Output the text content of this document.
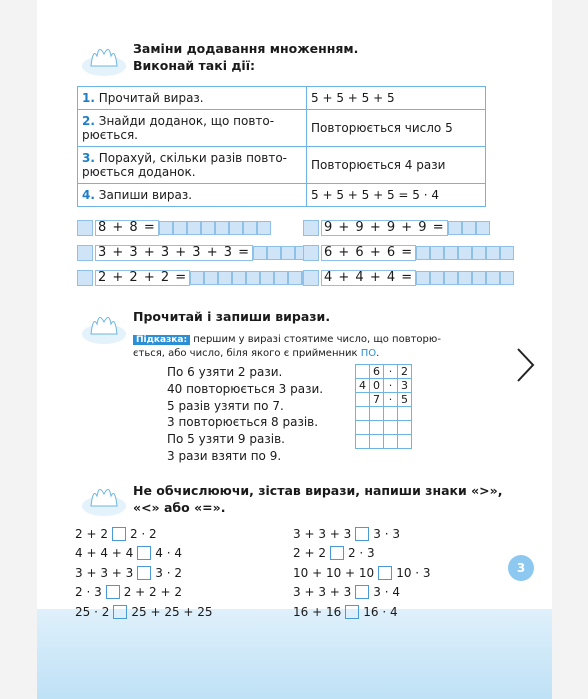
Заміни додавання множенням.
Виконай такі дії:
1. Прочитай вираз.	5 + 5 + 5 + 5
2. Знайди доданок, що повто-
рюється.	Повторюється число 5
3. Порахуй, скільки разів повто-
рюється доданок.	Повторюється 4 рази
4. Запиши вираз.	5 + 5 + 5 + 5 = 5 · 4
8 + 8 =	9 + 9 + 9 + 9 =
3 + 3 + 3 + 3 + 3 =	6 + 6 + 6 =
2 + 2 + 2 =	4 + 4 + 4 =
Прочитай і запиши вирази.
Підказка: першим у виразі стоятиме число, що повторю-
ється, або число, біля якого є прийменник ПО.
По 6 узяти 2 рази.
40 повторюється 3 рази.
5 разів узяти по 7.
3 повторюється 8 разів.
По 5 узяти 9 разів.
3 рази взяти по 9.
	6	·	2
4	0	·	3
	7	·	5

Не обчислюючи, зістав вирази, напиши знаки «>»,
«<» або «=».
2 + 2 2 · 2
4 + 4 + 4 4 · 4
3 + 3 + 3 3 · 2
2 · 3 2 + 2 + 2
25 · 2 25 + 25 + 25
3 + 3 + 3 3 · 3
2 + 2 2 · 3
10 + 10 + 10 10 · 3
3 + 3 + 3 3 · 4
16 + 16 16 · 4
3
